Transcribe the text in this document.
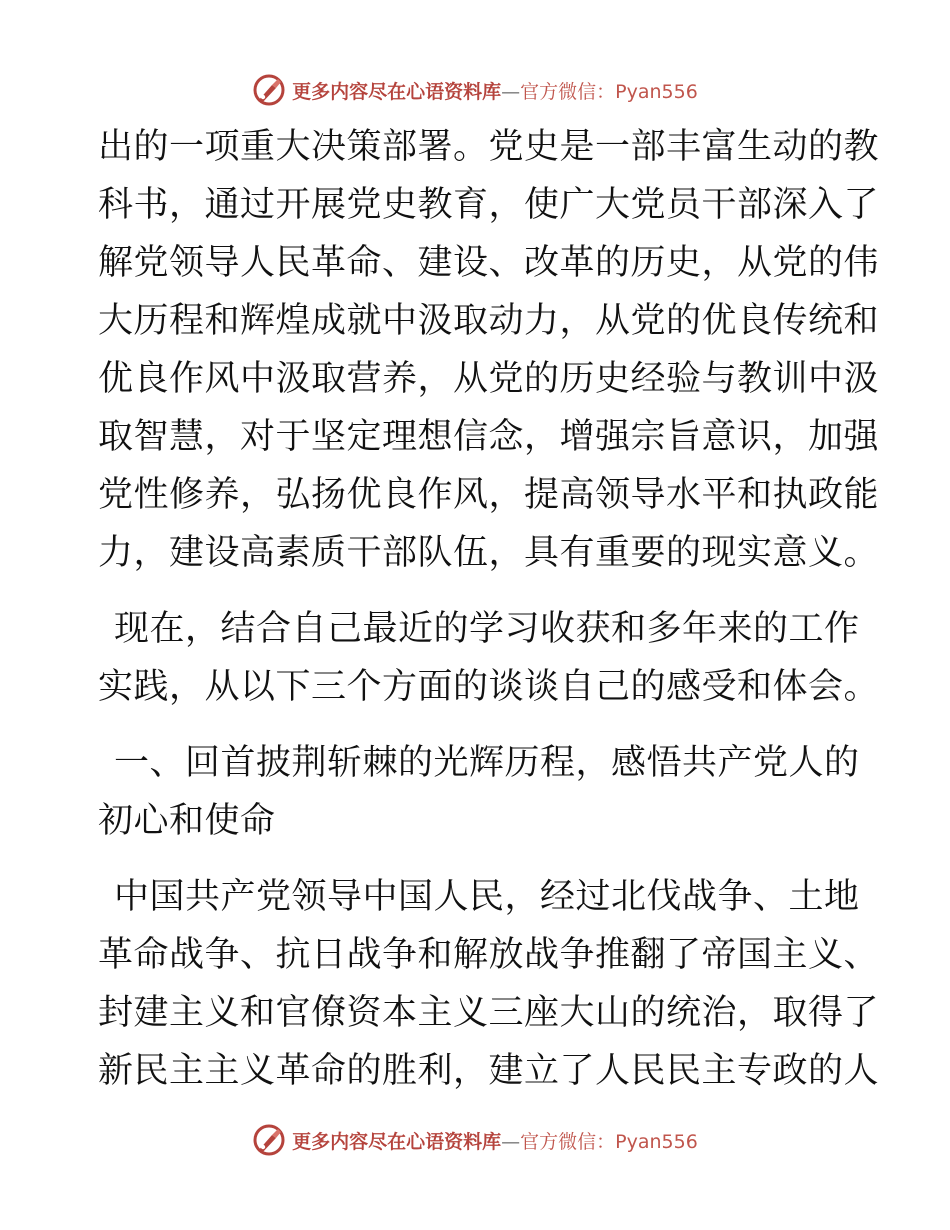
更多内容尽在心语资料库—官方微信：Pyan556
出的一项重大决策部署。党史是一部丰富生动的教
科书，通过开展党史教育，使广大党员干部深入了
解党领导人民革命、建设、改革的历史，从党的伟
大历程和辉煌成就中汲取动力，从党的优良传统和
优良作风中汲取营养，从党的历史经验与教训中汲
取智慧，对于坚定理想信念，增强宗旨意识，加强
党性修养，弘扬优良作风，提高领导水平和执政能
力，建设高素质干部队伍，具有重要的现实意义。
现在，结合自己最近的学习收获和多年来的工作
实践，从以下三个方面的谈谈自己的感受和体会。
一、回首披荆斩棘的光辉历程，感悟共产党人的
初心和使命
中国共产党领导中国人民，经过北伐战争、土地
革命战争、抗日战争和解放战争推翻了帝国主义、
封建主义和官僚资本主义三座大山的统治，取得了
新民主主义革命的胜利，建立了人民民主专政的人
更多内容尽在心语资料库—官方微信：Pyan556
